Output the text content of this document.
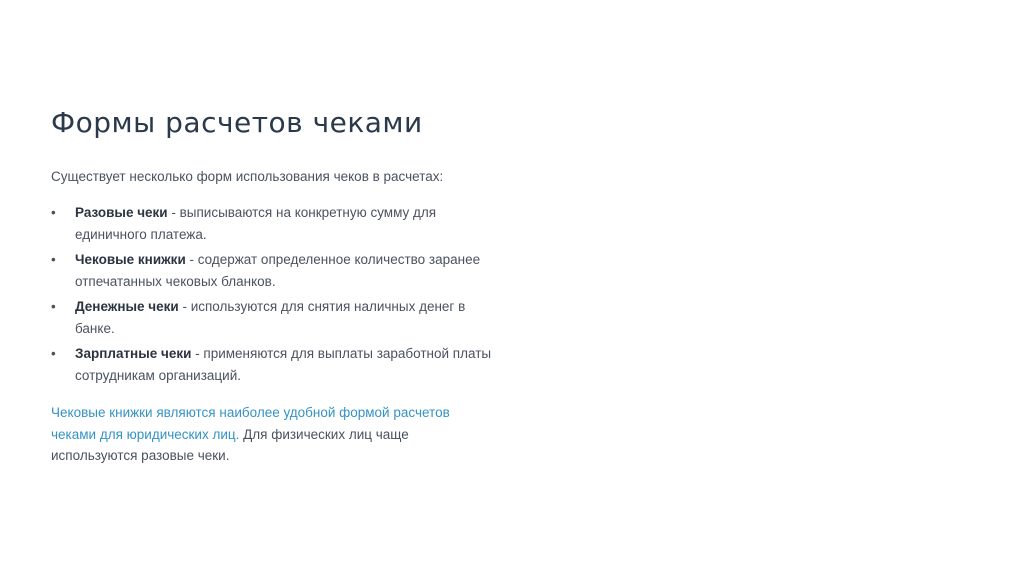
Формы расчетов чеками

Существует несколько форм использования чеков в расчетах:

• Разовые чеки - выписываются на конкретную сумму для единичного платежа.
• Чековые книжки - содержат определенное количество заранее отпечатанных чековых бланков.
• Денежные чеки - используются для снятия наличных денег в банке.
• Зарплатные чеки - применяются для выплаты заработной платы сотрудникам организаций.

Чековые книжки являются наиболее удобной формой расчетов чеками для юридических лиц. Для физических лиц чаще используются разовые чеки.
